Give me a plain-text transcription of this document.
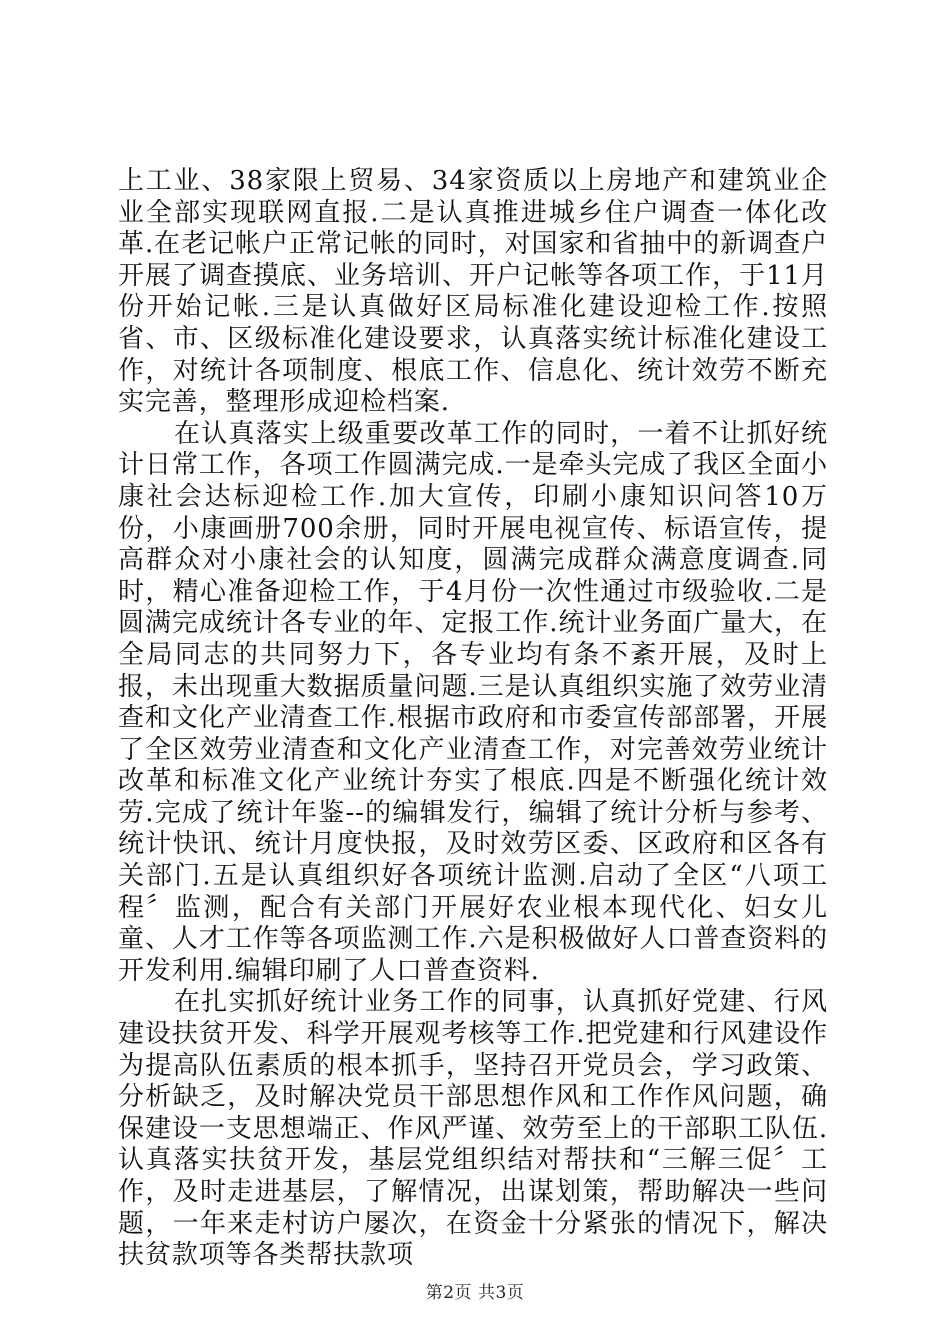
上工业、38家限上贸易、34家资质以上房地产和建筑业企业全部实现联网直报.二是认真推进城乡住户调查一体化改革.在老记帐户正常记帐的同时，对国家和省抽中的新调查户开展了调查摸底、业务培训、开户记帐等各项工作，于11月份开始记帐.三是认真做好区局标准化建设迎检工作.按照省、市、区级标准化建设要求，认真落实统计标准化建设工作，对统计各项制度、根底工作、信息化、统计效劳不断充实完善，整理形成迎检档案.

在认真落实上级重要改革工作的同时，一着不让抓好统计日常工作，各项工作圆满完成.一是牵头完成了我区全面小康社会达标迎检工作.加大宣传，印刷小康知识问答10万份，小康画册700余册，同时开展电视宣传、标语宣传，提高群众对小康社会的认知度，圆满完成群众满意度调查.同时，精心准备迎检工作，于4月份一次性通过市级验收.二是圆满完成统计各专业的年、定报工作.统计业务面广量大，在全局同志的共同努力下，各专业均有条不紊开展，及时上报，未出现重大数据质量问题.三是认真组织实施了效劳业清查和文化产业清查工作.根据市政府和市委宣传部部署，开展了全区效劳业清查和文化产业清查工作，对完善效劳业统计改革和标准文化产业统计夯实了根底.四是不断强化统计效劳.完成了统计年鉴--的编辑发行，编辑了统计分析与参考、统计快讯、统计月度快报，及时效劳区委、区政府和区各有关部门.五是认真组织好各项统计监测.启动了全区“八项工程〞监测，配合有关部门开展好农业根本现代化、妇女儿童、人才工作等各项监测工作.六是积极做好人口普查资料的开发利用.编辑印刷了人口普查资料.

在扎实抓好统计业务工作的同事，认真抓好党建、行风建设扶贫开发、科学开展观考核等工作.把党建和行风建设作为提高队伍素质的根本抓手，坚持召开党员会，学习政策、分析缺乏，及时解决党员干部思想作风和工作作风问题，确保建设一支思想端正、作风严谨、效劳至上的干部职工队伍.认真落实扶贫开发，基层党组织结对帮扶和“三解三促〞工作，及时走进基层，了解情况，出谋划策，帮助解决一些问题，一年来走村访户屡次，在资金十分紧张的情况下，解决扶贫款项等各类帮扶款项

第2页 共3页
